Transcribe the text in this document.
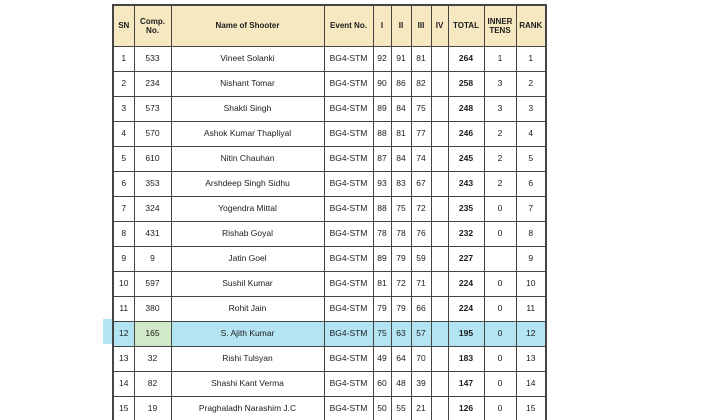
SN	Comp. No.	Name of Shooter	Event No.	I	II	III	IV	TOTAL	INNER TENS	RANK
1	533	Vineet Solanki	BG4-STM	92	91	81		264	1	1
2	234	Nishant Tomar	BG4-STM	90	86	82		258	3	2
3	573	Shakti Singh	BG4-STM	89	84	75		248	3	3
4	570	Ashok Kumar Thapliyal	BG4-STM	88	81	77		246	2	4
5	610	Nitin Chauhan	BG4-STM	87	84	74		245	2	5
6	353	Arshdeep Singh Sidhu	BG4-STM	93	83	67		243	2	6
7	324	Yogendra Mittal	BG4-STM	88	75	72		235	0	7
8	431	Rishab Goyal	BG4-STM	78	78	76		232	0	8
9	9	Jatin Goel	BG4-STM	89	79	59		227		9
10	597	Sushil Kumar	BG4-STM	81	72	71		224	0	10
11	380	Rohit Jain	BG4-STM	79	79	66		224	0	11
12	165	S. Ajith Kumar	BG4-STM	75	63	57		195	0	12
13	32	Rishi Tulsyan	BG4-STM	49	64	70		183	0	13
14	82	Shashi Kant Verma	BG4-STM	60	48	39		147	0	14
15	19	Praghaladh Narashim J.C	BG4-STM	50	55	21		126	0	15
